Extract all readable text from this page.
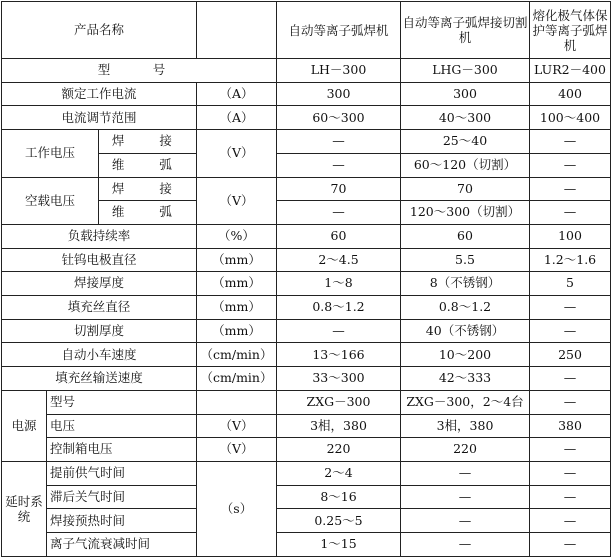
产品名称				自动等离子弧焊机	自动等离子弧焊接切割机	熔化极气体保护等离子弧焊机
型　号				LH－300	LHG－300	LUR2－400
额定工作电流			（A）	300	300	400
电流调节范围			（A）	60～300	40～300	100～400
工作电压		焊　接	（V）	—	25～40	—
		维　弧		—	60～120（切割）	—
空载电压		焊　接	（V）	70	70	—
		维　弧		—	120～300（切割）	—
负载持续率			（%）	60	60	100
钍钨电极直径			（mm）	2～4.5	5.5	1.2～1.6
焊接厚度			（mm）	1～8	8（不锈钢）	5
填充丝直径			（mm）	0.8～1.2	0.8～1.2	—
切割厚度			（mm）	—	40（不锈钢）	—
自动小车速度			（cm/min）	13～166	10～200	250
填充丝输送速度			（cm/min）	33～300	42～333	—
电源	型号			ZXG－300	ZXG－300，2～4台	—
	电压		（V）	3相，380	3相，380	380
	控制箱电压		（V）	220	220	—
延时系统	提前供气时间		（s）	2～4	—	—
	滞后关气时间			8～16	—	—
	焊接预热时间			0.25～5	—	—
	离子气流衰减时间			1～15	—	—
